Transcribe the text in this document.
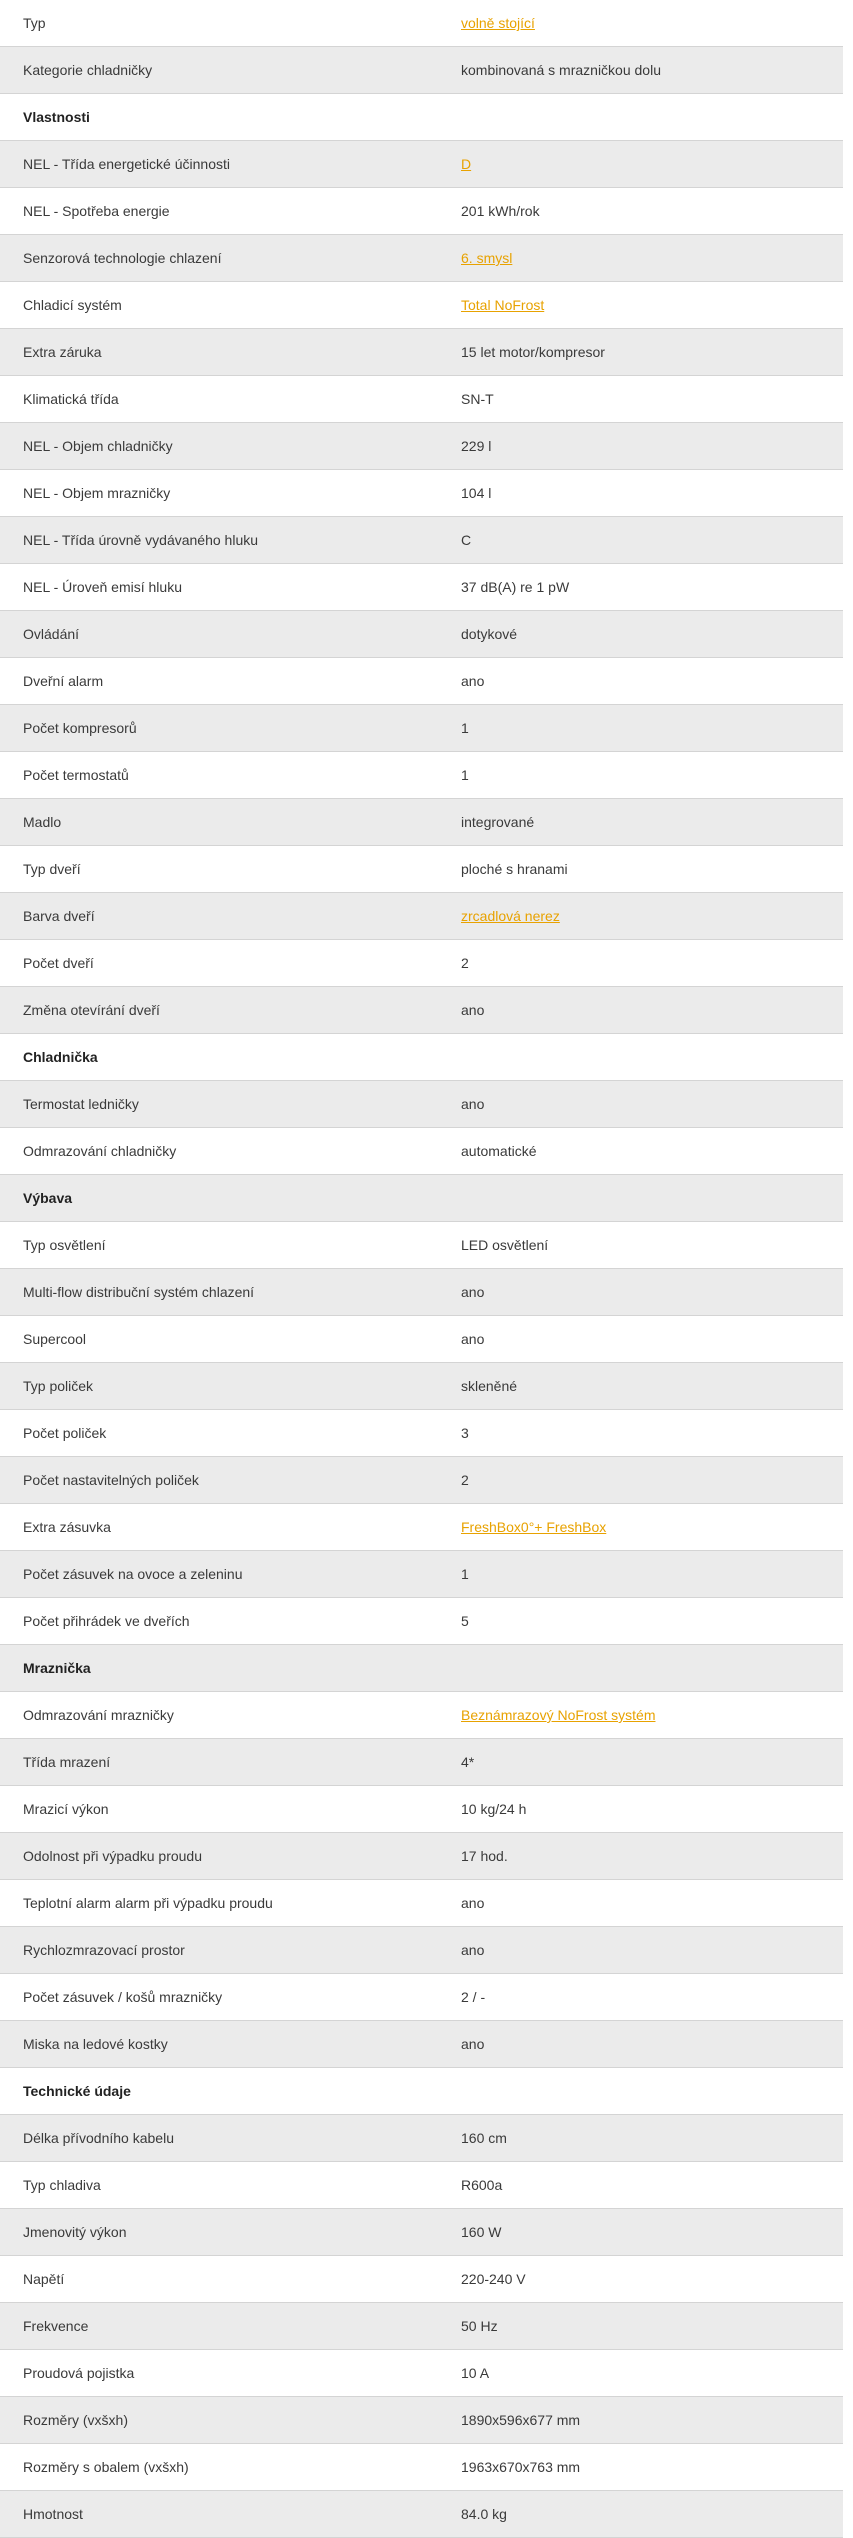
Typ	volně stojící
Kategorie chladničky	kombinovaná s mrazničkou dolu
Vlastnosti
NEL - Třída energetické účinnosti	D
NEL - Spotřeba energie	201 kWh/rok
Senzorová technologie chlazení	6. smysl
Chladicí systém	Total NoFrost
Extra záruka	15 let motor/kompresor
Klimatická třída	SN-T
NEL - Objem chladničky	229 l
NEL - Objem mrazničky	104 l
NEL - Třída úrovně vydávaného hluku	C
NEL - Úroveň emisí hluku	37 dB(A) re 1 pW
Ovládání	dotykové
Dveřní alarm	ano
Počet kompresorů	1
Počet termostatů	1
Madlo	integrované
Typ dveří	ploché s hranami
Barva dveří	zrcadlová nerez
Počet dveří	2
Změna otevírání dveří	ano
Chladnička
Termostat ledničky	ano
Odmrazování chladničky	automatické
Výbava
Typ osvětlení	LED osvětlení
Multi-flow distribuční systém chlazení	ano
Supercool	ano
Typ poliček	skleněné
Počet poliček	3
Počet nastavitelných poliček	2
Extra zásuvka	FreshBox0°+ FreshBox
Počet zásuvek na ovoce a zeleninu	1
Počet přihrádek ve dveřích	5
Mraznička
Odmrazování mrazničky	Beznámrazový NoFrost systém
Třída mrazení	4*
Mrazicí výkon	10 kg/24 h
Odolnost při výpadku proudu	17 hod.
Teplotní alarm alarm při výpadku proudu	ano
Rychlozmrazovací prostor	ano
Počet zásuvek / košů mrazničky	2 / -
Miska na ledové kostky	ano
Technické údaje
Délka přívodního kabelu	160 cm
Typ chladiva	R600a
Jmenovitý výkon	160 W
Napětí	220-240 V
Frekvence	50 Hz
Proudová pojistka	10 A
Rozměry (vxšxh)	1890x596x677 mm
Rozměry s obalem (vxšxh)	1963x670x763 mm
Hmotnost	84.0 kg
